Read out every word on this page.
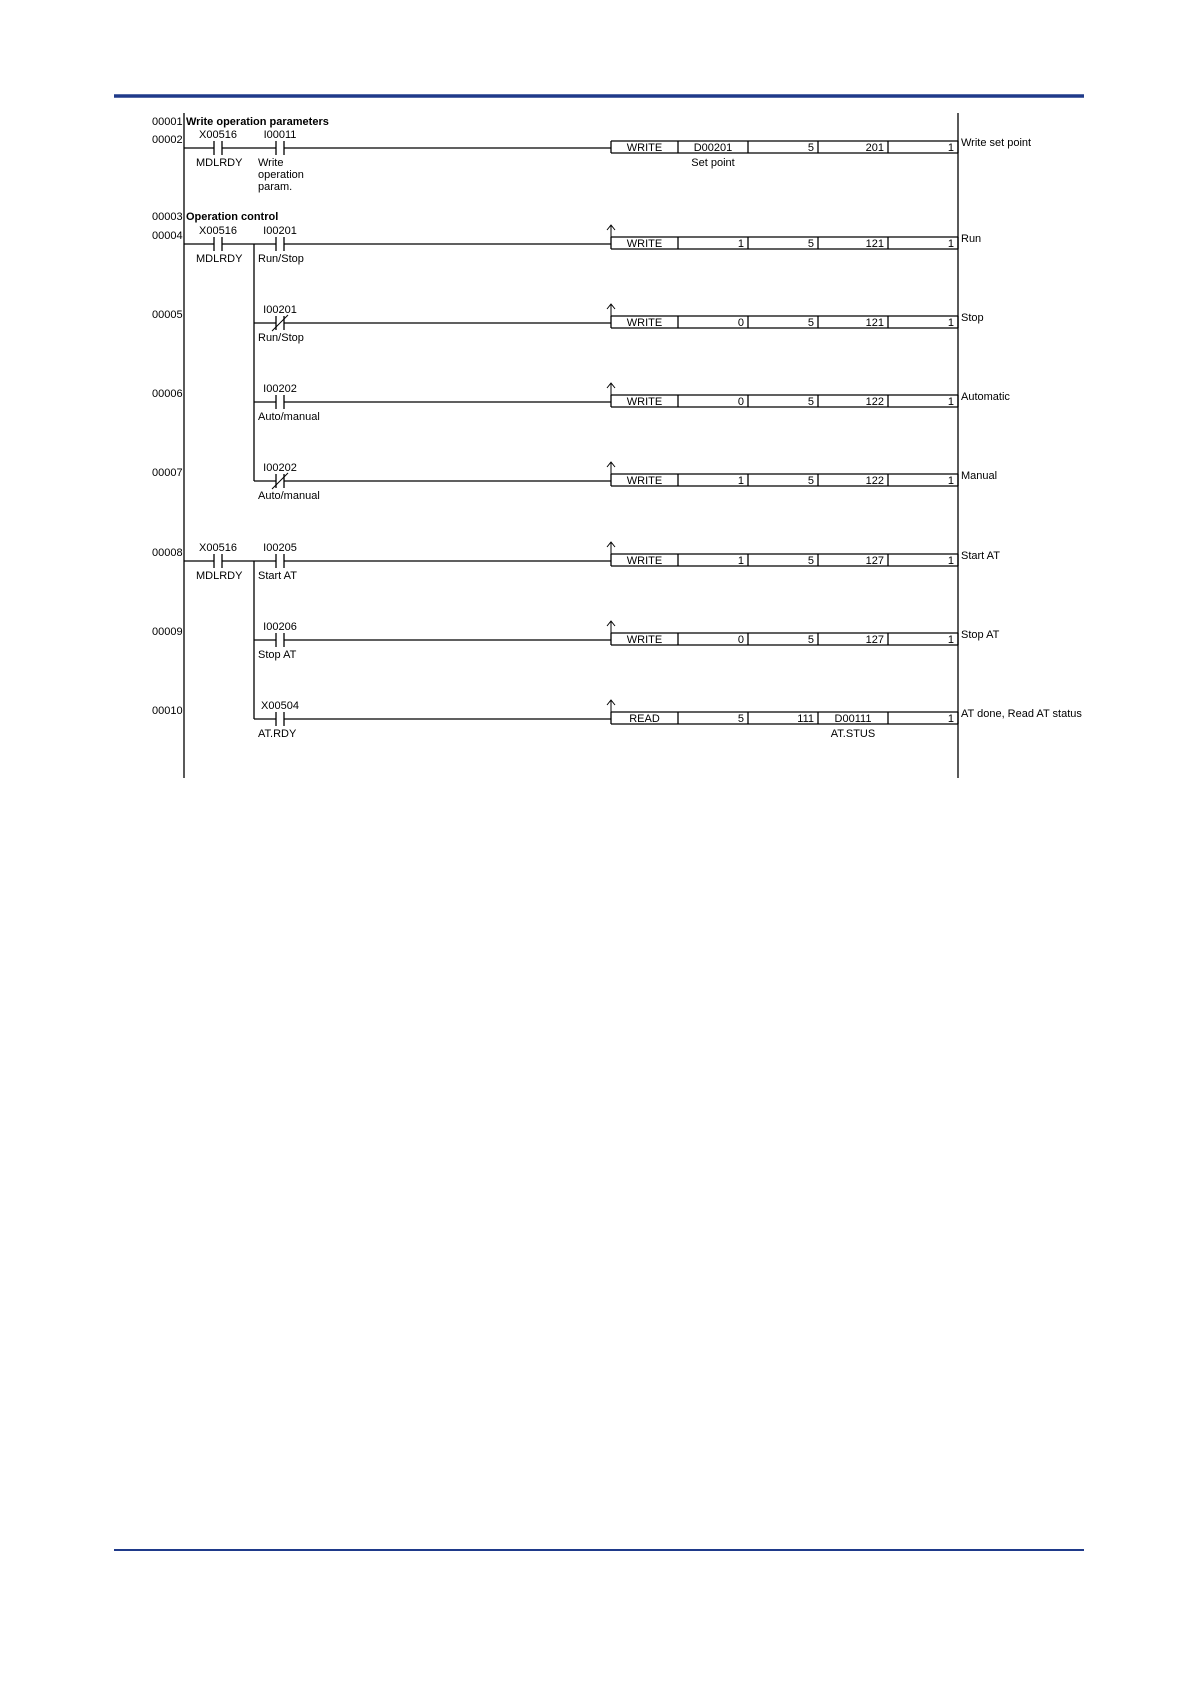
00001 Write operation parameters
00003 Operation control
00002 X00516
MDLRDY
I00011
Write
operation
param.
WRITE	D00201	5	201	1
Set point
Write set point
00004 X00516
MDLRDY
I00201
Run/Stop
WRITE	1	5	121	1 Run
00005	I00201
Run/Stop
WRITE	0	5	121	1 Stop
00006	I00202
Auto/manual
WRITE	0	5	122	1 Automatic
00007	I00202
Auto/manual
WRITE	1	5	122	1 Manual
00008 X00516
MDLRDY
I00205
Start AT
WRITE	1	5	127	1 Start AT
00009	I00206
Stop AT
WRITE	0	5	127	1 Stop AT
00010	X00504
AT.RDY
READ	5	111 D00111	1
AT.STUS
AT done, Read AT status
